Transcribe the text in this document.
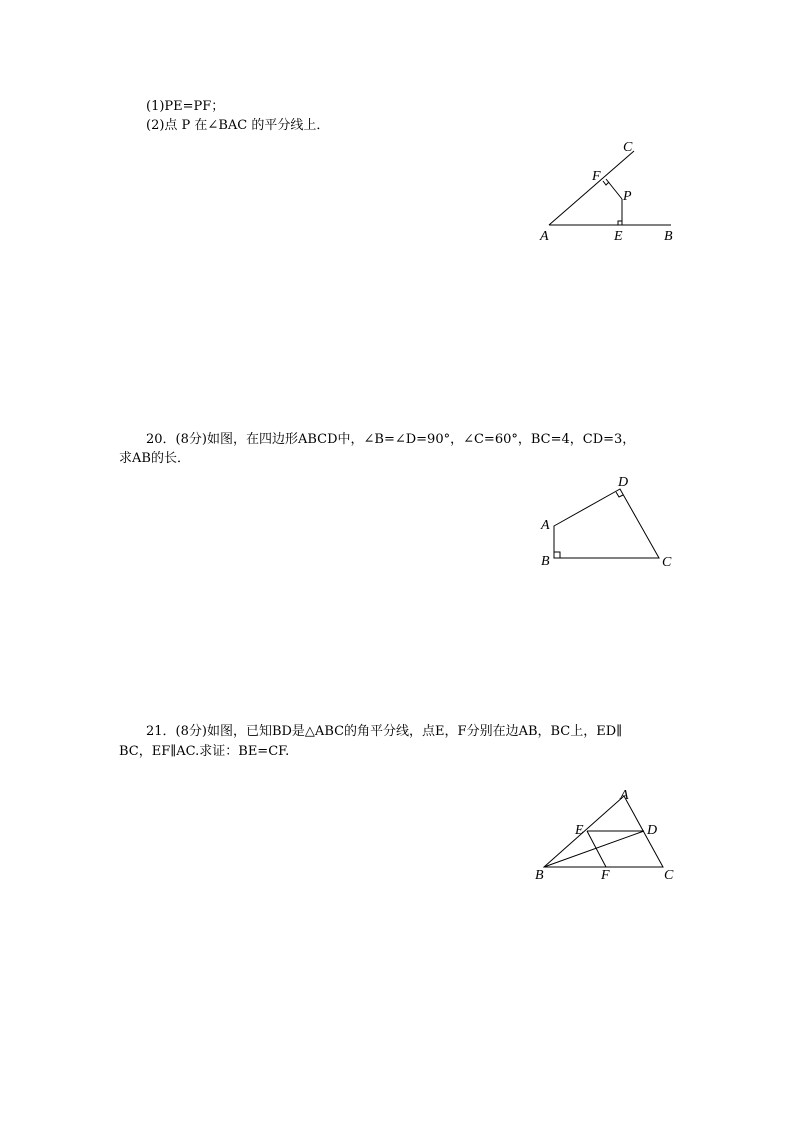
(1)PE=PF；
(2)点 P 在∠BAC 的平分线上．
A	E	B
C
F
P
20．(8分)如图，在四边形ABCD中，∠B=∠D=90°，∠C=60°，BC=4，CD=3，
求AB的长．
A
B	C
D
21．(8分)如图，已知BD是△ABC的角平分线，点E，F分别在边AB，BC上，ED∥
BC，EF∥AC.求证：BE=CF.
A
E	D
B	F	C
